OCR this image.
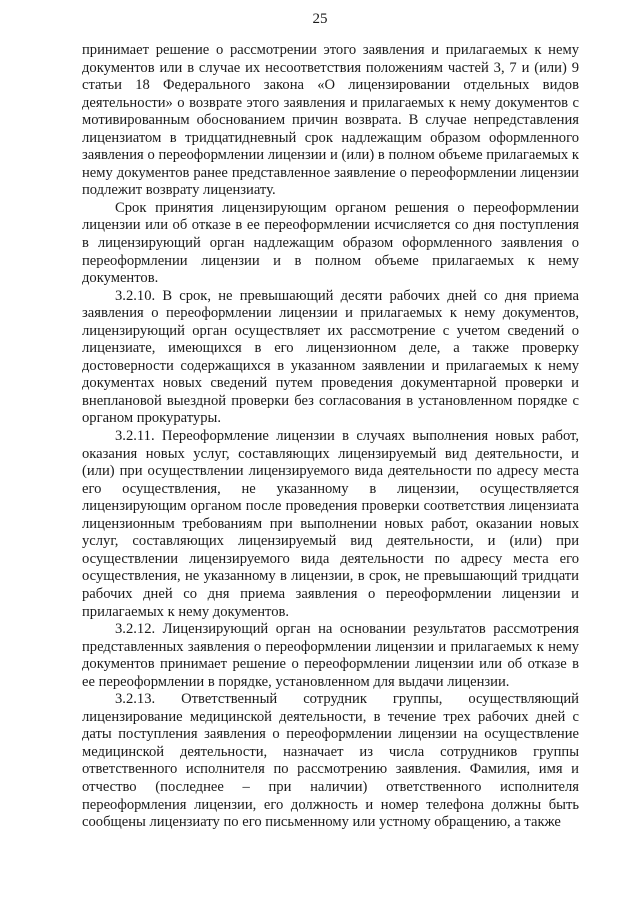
25

принимает решение о рассмотрении этого заявления и прилагаемых к нему документов или в случае их несоответствия положениям частей 3, 7 и (или) 9 статьи 18 Федерального закона «О лицензировании отдельных видов деятельности» о возврате этого заявления и прилагаемых к нему документов с мотивированным обоснованием причин возврата. В случае непредставления лицензиатом в тридцатидневный срок надлежащим образом оформленного заявления о переоформлении лицензии и (или) в полном объеме прилагаемых к нему документов ранее представленное заявление о переоформлении лицензии подлежит возврату лицензиату.

Срок принятия лицензирующим органом решения о переоформлении лицензии или об отказе в ее переоформлении исчисляется со дня поступления в лицензирующий орган надлежащим образом оформленного заявления о переоформлении лицензии и в полном объеме прилагаемых к нему документов.

3.2.10. В срок, не превышающий десяти рабочих дней со дня приема заявления о переоформлении лицензии и прилагаемых к нему документов, лицензирующий орган осуществляет их рассмотрение с учетом сведений о лицензиате, имеющихся в его лицензионном деле, а также проверку достоверности содержащихся в указанном заявлении и прилагаемых к нему документах новых сведений путем проведения документарной проверки и внеплановой выездной проверки без согласования в установленном порядке с органом прокуратуры.

3.2.11. Переоформление лицензии в случаях выполнения новых работ, оказания новых услуг, составляющих лицензируемый вид деятельности, и (или) при осуществлении лицензируемого вида деятельности по адресу места его осуществления, не указанному в лицензии, осуществляется лицензирующим органом после проведения проверки соответствия лицензиата лицензионным требованиям при выполнении новых работ, оказании новых услуг, составляющих лицензируемый вид деятельности, и (или) при осуществлении лицензируемого вида деятельности по адресу места его осуществления, не указанному в лицензии, в срок, не превышающий тридцати рабочих дней со дня приема заявления о переоформлении лицензии и прилагаемых к нему документов.

3.2.12. Лицензирующий орган на основании результатов рассмотрения представленных заявления о переоформлении лицензии и прилагаемых к нему документов принимает решение о переоформлении лицензии или об отказе в ее переоформлении в порядке, установленном для выдачи лицензии.

3.2.13. Ответственный сотрудник группы, осуществляющий лицензирование медицинской деятельности, в течение трех рабочих дней с даты поступления заявления о переоформлении лицензии на осуществление медицинской деятельности, назначает из числа сотрудников группы ответственного исполнителя по рассмотрению заявления. Фамилия, имя и отчество (последнее – при наличии) ответственного исполнителя переоформления лицензии, его должность и номер телефона должны быть сообщены лицензиату по его письменному или устному обращению, а также
